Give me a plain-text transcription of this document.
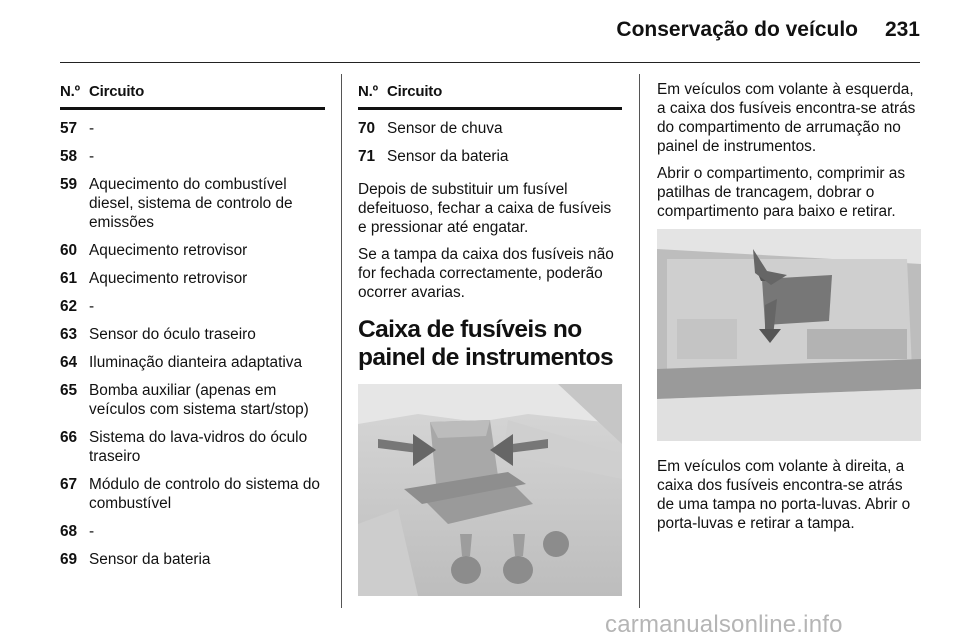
Conservação do veículo 231
N.º Circuito
57 -
58 -
59 Aquecimento do combustível diesel, sistema de controlo de emissões
60 Aquecimento retrovisor
61 Aquecimento retrovisor
62 -
63 Sensor do óculo traseiro
64 Iluminação dianteira adaptativa
65 Bomba auxiliar (apenas em veículos com sistema start/stop)
66 Sistema do lava-vidros do óculo traseiro
67 Módulo de controlo do sistema do combustível
68 -
69 Sensor da bateria
N.º Circuito
70 Sensor de chuva
71 Sensor da bateria

Depois de substituir um fusível defeituoso, fechar a caixa de fusíveis e pressionar até engatar.

Se a tampa da caixa dos fusíveis não for fechada correctamente, poderão ocorrer avarias.

Caixa de fusíveis no painel de instrumentos

Em veículos com volante à esquerda, a caixa dos fusíveis encontra-se atrás do compartimento de arrumação no painel de instrumentos.

Abrir o compartimento, comprimir as patilhas de trancagem, dobrar o compartimento para baixo e retirar.

Em veículos com volante à direita, a caixa dos fusíveis encontra-se atrás de uma tampa no porta-luvas. Abrir o porta-luvas e retirar a tampa.

carmanualsonline.info
